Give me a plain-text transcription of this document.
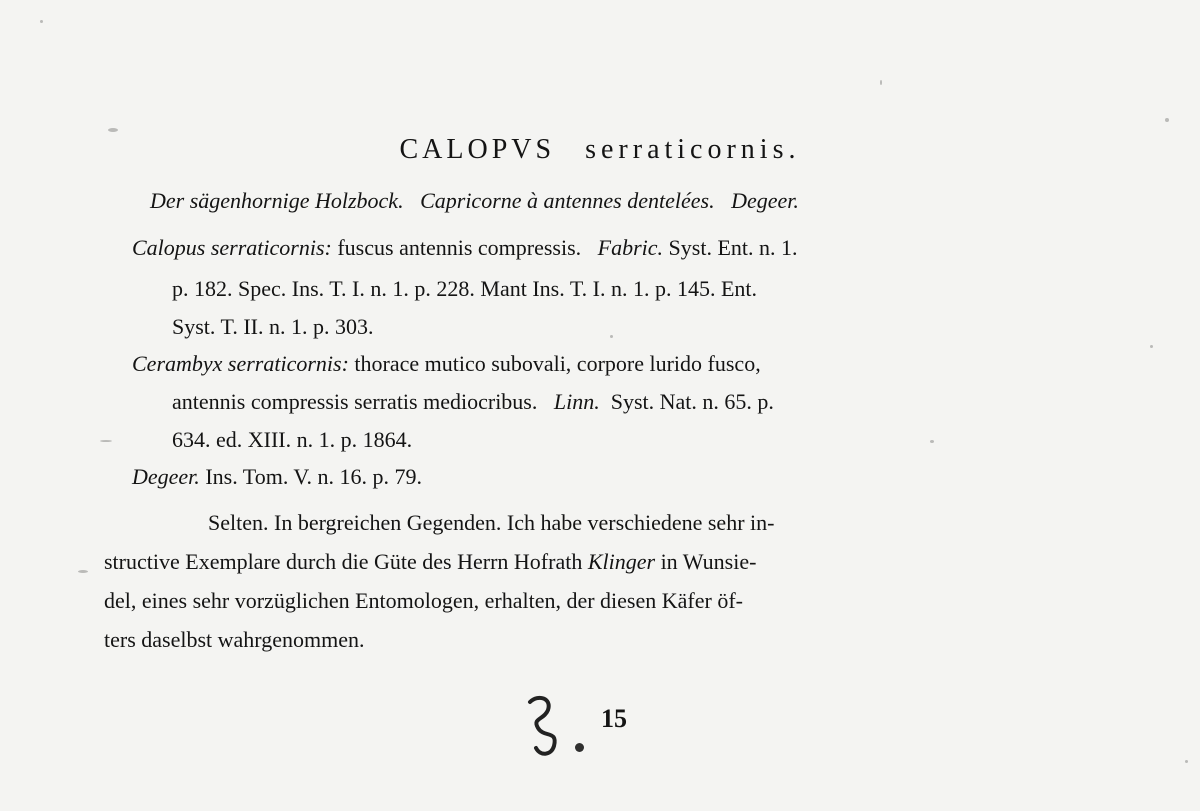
CALOPVS serraticornis.
Der sägenhornige Holzbock. Capricorne à antennes dentelées. Degeer.
Calopus serraticornis: fuscus antennis compressis. Fabric. Syst. Ent. n. 1.
p. 182. Spec. Ins. T. I. n. 1. p. 228. Mant Ins. T. I. n. 1. p. 145. Ent.
Syst. T. II. n. 1. p. 303.
Cerambyx serraticornis: thorace mutico subovali, corpore lurido fusco,
antennis compressis serratis mediocribus. Linn. Syst. Nat. n. 65. p.
634. ed. XIII. n. 1. p. 1864.
Degeer. Ins. Tom. V. n. 16. p. 79.
Selten. In bergreichen Gegenden. Ich habe verschiedene sehr in-
structive Exemplare durch die Güte des Herrn Hofrath Klinger in Wunsie-
del, eines sehr vorzüglichen Entomologen, erhalten, der diesen Käfer öf-
ters daselbst wahrgenommen.
15
